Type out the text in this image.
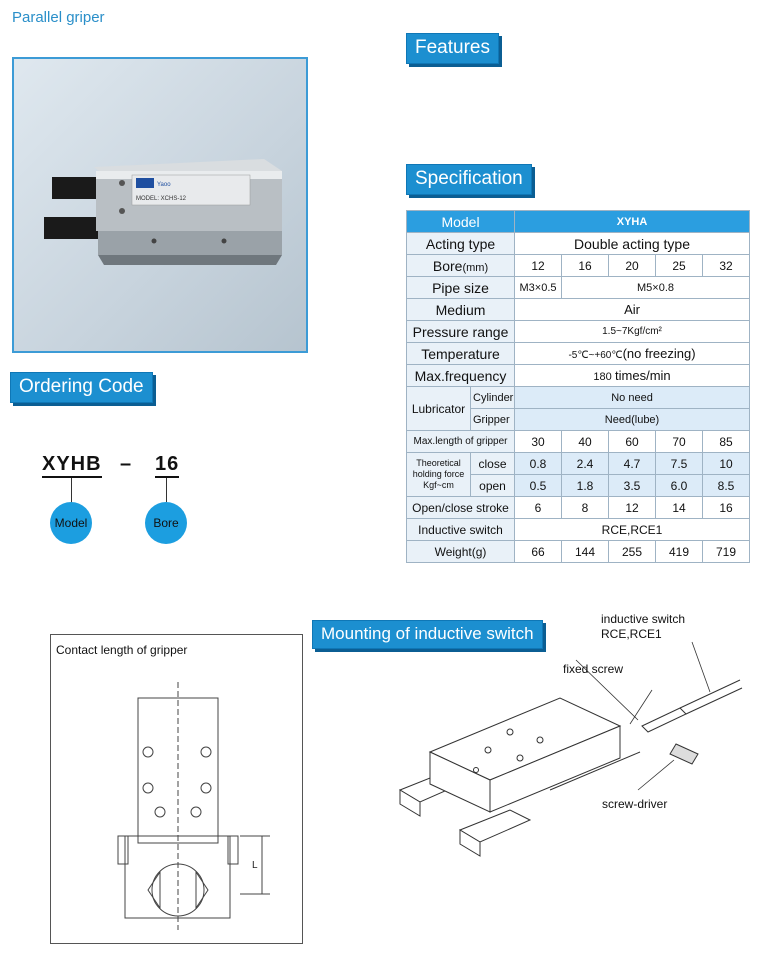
Parallel griper
Features
Specification
Ordering Code
Mounting of inductive switch
Yaoo
MODEL: XCHS-12
XYHB – 16
Model	Bore
Model		XYHA				
Acting type		Double acting type				
Bore(mm)		12	16	20	25	32
Pipe size		M3×0.5	M5×0.8			
Medium		Air				
Pressure range		1.5~7Kgf/cm²				
Temperature		-5℃~+60℃(no freezing)				
Max.frequency		180 times/min				
Lubricator	Cylinder	No need				
	Gripper	Need(lube)				
Max.length of gripper		30	40	60	70	85

Theoretical
holding force
Kgf~cm	close	0.8	2.4	4.7	7.5	10
	open	0.5	1.8	3.5	6.0	8.5
Open/close stroke		6	8	12	14	16
Inductive switch		RCE,RCE1				
Weight(g)		66	144	255	419	719
Contact length of gripper
L
inductive switch
RCE,RCE1
fixed screw
screw-driver
